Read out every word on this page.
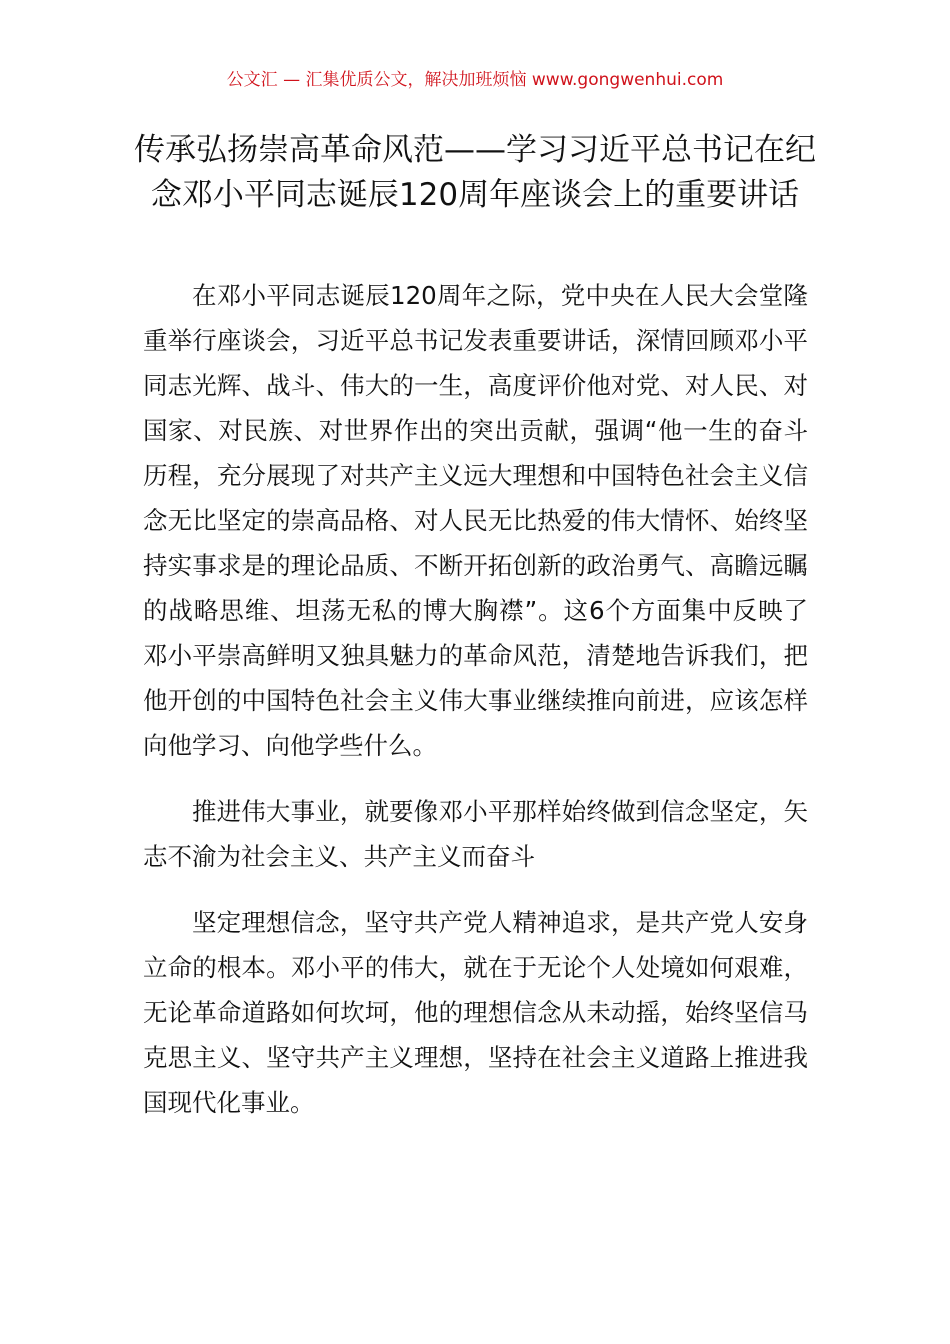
公文汇 — 汇集优质公文，解决加班烦恼 www.gongwenhui.com
传承弘扬崇高革命风范——学习习近平总书记在纪念邓小平同志诞辰120周年座谈会上的重要讲话

在邓小平同志诞辰120周年之际，党中央在人民大会堂隆重举行座谈会，习近平总书记发表重要讲话，深情回顾邓小平同志光辉、战斗、伟大的一生，高度评价他对党、对人民、对国家、对民族、对世界作出的突出贡献，强调“他一生的奋斗历程，充分展现了对共产主义远大理想和中国特色社会主义信念无比坚定的崇高品格、对人民无比热爱的伟大情怀、始终坚持实事求是的理论品质、不断开拓创新的政治勇气、高瞻远瞩的战略思维、坦荡无私的博大胸襟”。这6个方面集中反映了邓小平崇高鲜明又独具魅力的革命风范，清楚地告诉我们，把他开创的中国特色社会主义伟大事业继续推向前进，应该怎样向他学习、向他学些什么。

推进伟大事业，就要像邓小平那样始终做到信念坚定，矢志不渝为社会主义、共产主义而奋斗

坚定理想信念，坚守共产党人精神追求，是共产党人安身立命的根本。邓小平的伟大，就在于无论个人处境如何艰难，无论革命道路如何坎坷，他的理想信念从未动摇，始终坚信马克思主义、坚守共产主义理想，坚持在社会主义道路上推进我国现代化事业。
